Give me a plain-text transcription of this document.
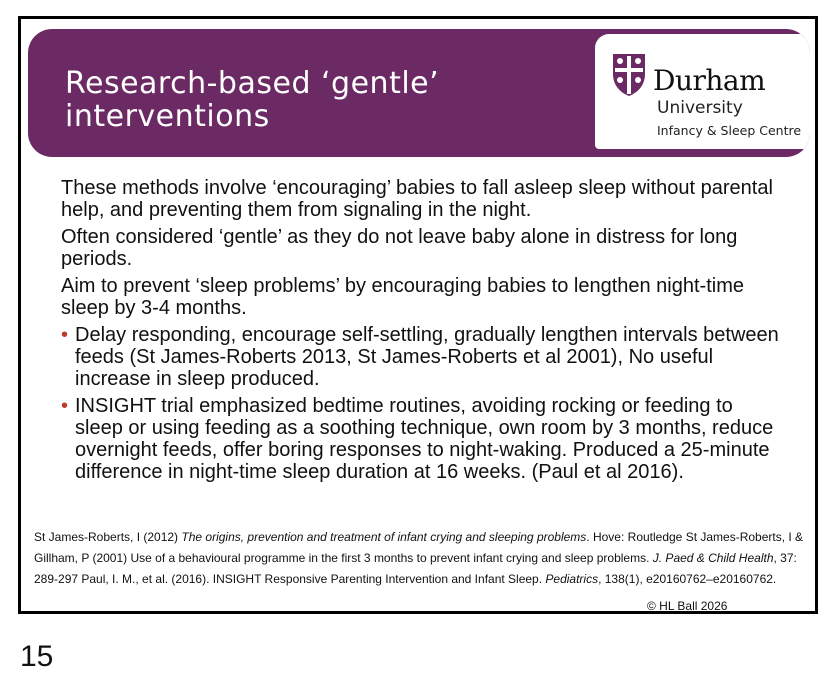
Research-based ‘gentle’ interventions
Durham
University
Infancy & Sleep Centre

These methods involve ‘encouraging’ babies to fall asleep sleep without parental help, and preventing them from signaling in the night.

Often considered ‘gentle’ as they do not leave baby alone in distress for long periods.

Aim to prevent ‘sleep problems’ by encouraging babies to lengthen night-time sleep by 3-4 months.

• Delay responding, encourage self-settling, gradually lengthen intervals between feeds (St James-Roberts 2013, St James-Roberts et al 2001), No useful increase in sleep produced.
• INSIGHT trial emphasized bedtime routines, avoiding rocking or feeding to sleep or using feeding as a soothing technique, own room by 3 months, reduce overnight feeds, offer boring responses to night-waking. Produced a 25-minute difference in night-time sleep duration at 16 weeks. (Paul et al 2016).
St James-Roberts, I (2012) The origins, prevention and treatment of infant crying and sleeping problems. Hove: Routledge St James-Roberts, I & Gillham, P (2001) Use of a behavioural programme in the first 3 months to prevent infant crying and sleep problems. J. Paed & Child Health, 37: 289-297 Paul, I. M., et al. (2016). INSIGHT Responsive Parenting Intervention and Infant Sleep. Pediatrics, 138(1), e20160762–e20160762.
© HL Ball 2026
15
